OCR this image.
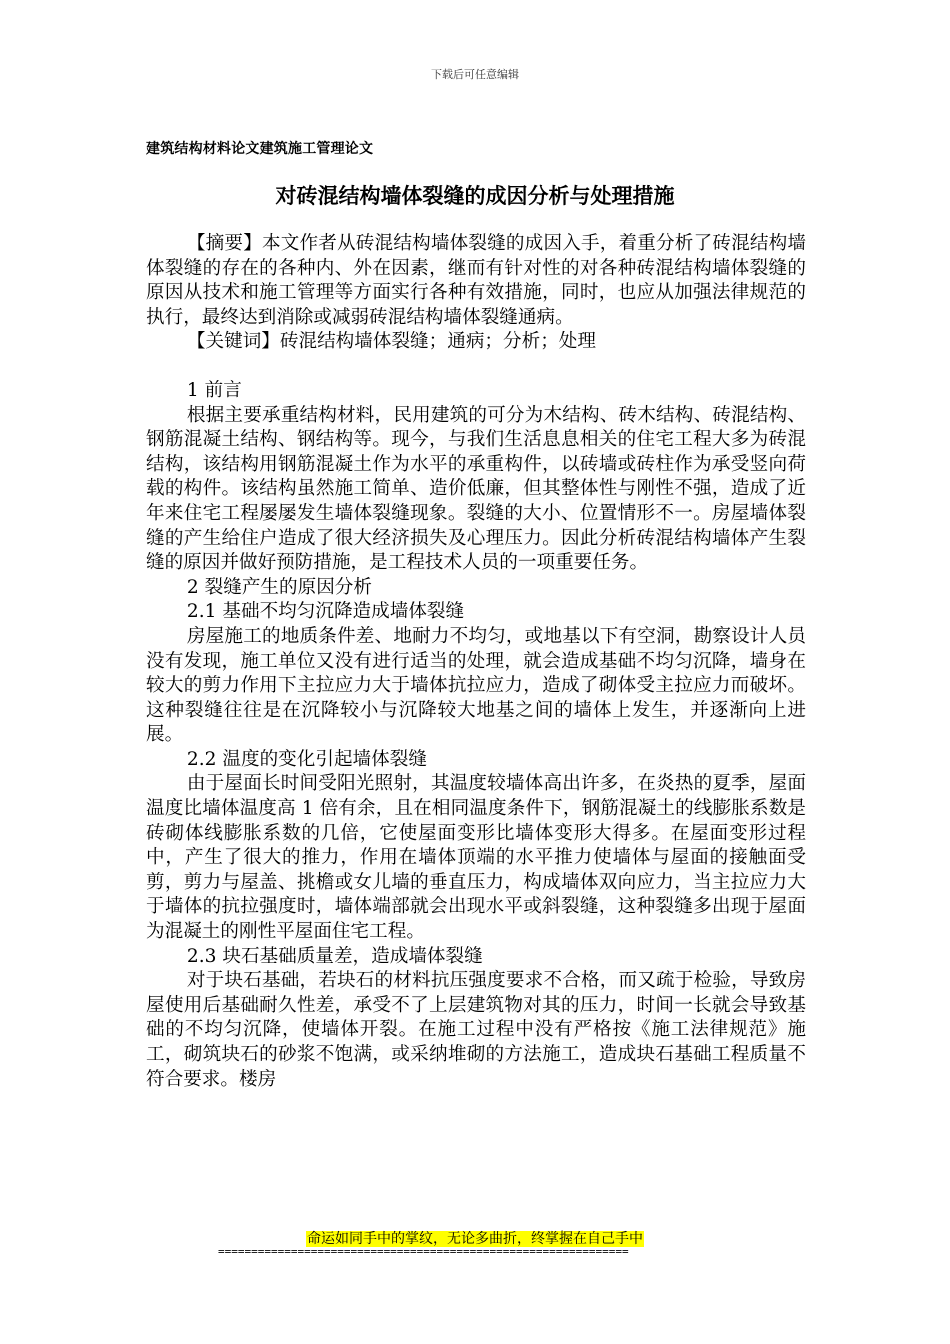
下载后可任意编辑
建筑结构材料论文建筑施工管理论文
对砖混结构墙体裂缝的成因分析与处理措施

【摘要】本文作者从砖混结构墙体裂缝的成因入手，着重分析了砖混结构墙体裂缝的存在的各种内、外在因素，继而有针对性的对各种砖混结构墙体裂缝的原因从技术和施工管理等方面实行各种有效措施，同时，也应从加强法律规范的执行，最终达到消除或减弱砖混结构墙体裂缝通病。

【关键词】砖混结构墙体裂缝；通病；分析；处理

1 前言

根据主要承重结构材料，民用建筑的可分为木结构、砖木结构、砖混结构、钢筋混凝土结构、钢结构等。现今，与我们生活息息相关的住宅工程大多为砖混结构，该结构用钢筋混凝土作为水平的承重构件，以砖墙或砖柱作为承受竖向荷载的构件。该结构虽然施工简单、造价低廉，但其整体性与刚性不强，造成了近年来住宅工程屡屡发生墙体裂缝现象。裂缝的大小、位置情形不一。房屋墙体裂缝的产生给住户造成了很大经济损失及心理压力。因此分析砖混结构墙体产生裂缝的原因并做好预防措施，是工程技术人员的一项重要任务。

2 裂缝产生的原因分析

2.1 基础不均匀沉降造成墙体裂缝

房屋施工的地质条件差、地耐力不均匀，或地基以下有空洞，勘察设计人员没有发现，施工单位又没有进行适当的处理，就会造成基础不均匀沉降，墙身在较大的剪力作用下主拉应力大于墙体抗拉应力，造成了砌体受主拉应力而破坏。这种裂缝往往是在沉降较小与沉降较大地基之间的墙体上发生，并逐渐向上进展。

2.2 温度的变化引起墙体裂缝

由于屋面长时间受阳光照射，其温度较墙体高出许多，在炎热的夏季，屋面温度比墙体温度高 1 倍有余，且在相同温度条件下，钢筋混凝土的线膨胀系数是砖砌体线膨胀系数的几倍，它使屋面变形比墙体变形大得多。在屋面变形过程中，产生了很大的推力，作用在墙体顶端的水平推力使墙体与屋面的接触面受剪，剪力与屋盖、挑檐或女儿墙的垂直压力，构成墙体双向应力，当主拉应力大于墙体的抗拉强度时，墙体端部就会出现水平或斜裂缝，这种裂缝多出现于屋面为混凝土的刚性平屋面住宅工程。

2.3 块石基础质量差，造成墙体裂缝

对于块石基础，若块石的材料抗压强度要求不合格，而又疏于检验，导致房屋使用后基础耐久性差，承受不了上层建筑物对其的压力，时间一长就会导致基础的不均匀沉降，使墙体开裂。在施工过程中没有严格按《施工法律规范》施工，砌筑块石的砂浆不饱满，或采纳堆砌的方法施工，造成块石基础工程质量不符合要求。楼房

命运如同手中的掌纹，无论多曲折，终掌握在自己手中
==============================================================
